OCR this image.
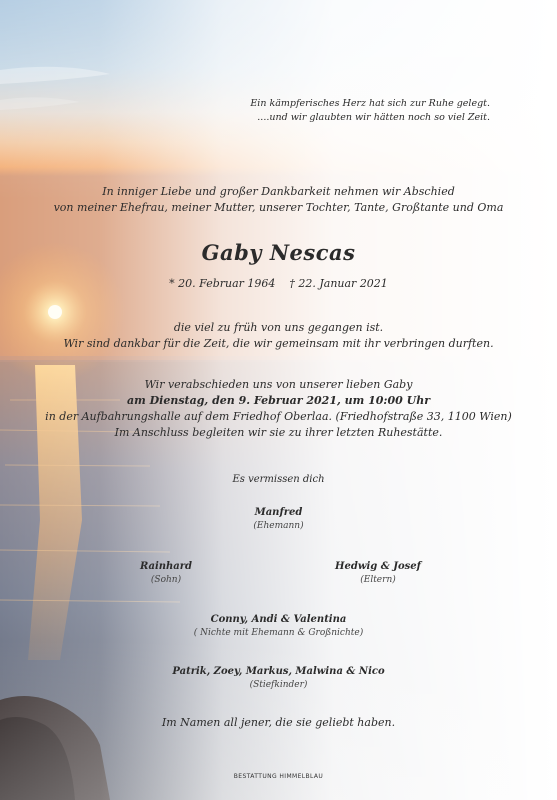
Ein kämpferisches Herz hat sich zur Ruhe gelegt.
....und wir glaubten wir hätten noch so viel Zeit.
In inniger Liebe und großer Dankbarkeit nehmen wir Abschied
von meiner Ehefrau, meiner Mutter, unserer Tochter, Tante, Großtante und Oma
Gaby Nescas
* 20. Februar 1964    † 22. Januar 2021
die viel zu früh von uns gegangen ist.
Wir sind dankbar für die Zeit, die wir gemeinsam mit ihr verbringen durften.
Wir verabschieden uns von unserer lieben Gaby
am Dienstag, den 9. Februar 2021, um 10:00 Uhr
in der Aufbahrungshalle auf dem Friedhof Oberlaa. (Friedhofstraße 33, 1100 Wien)
Im Anschluss begleiten wir sie zu ihrer letzten Ruhestätte.
Es vermissen dich
Manfred
(Ehemann)
Rainhard
(Sohn)
Hedwig & Josef
(Eltern)
Conny, Andi & Valentina
( Nichte mit Ehemann & Großnichte)
Patrik, Zoey, Markus, Malwina & Nico
(Stiefkinder)
Im Namen all jener, die sie geliebt haben.
BESTATTUNG HIMMELBLAU
